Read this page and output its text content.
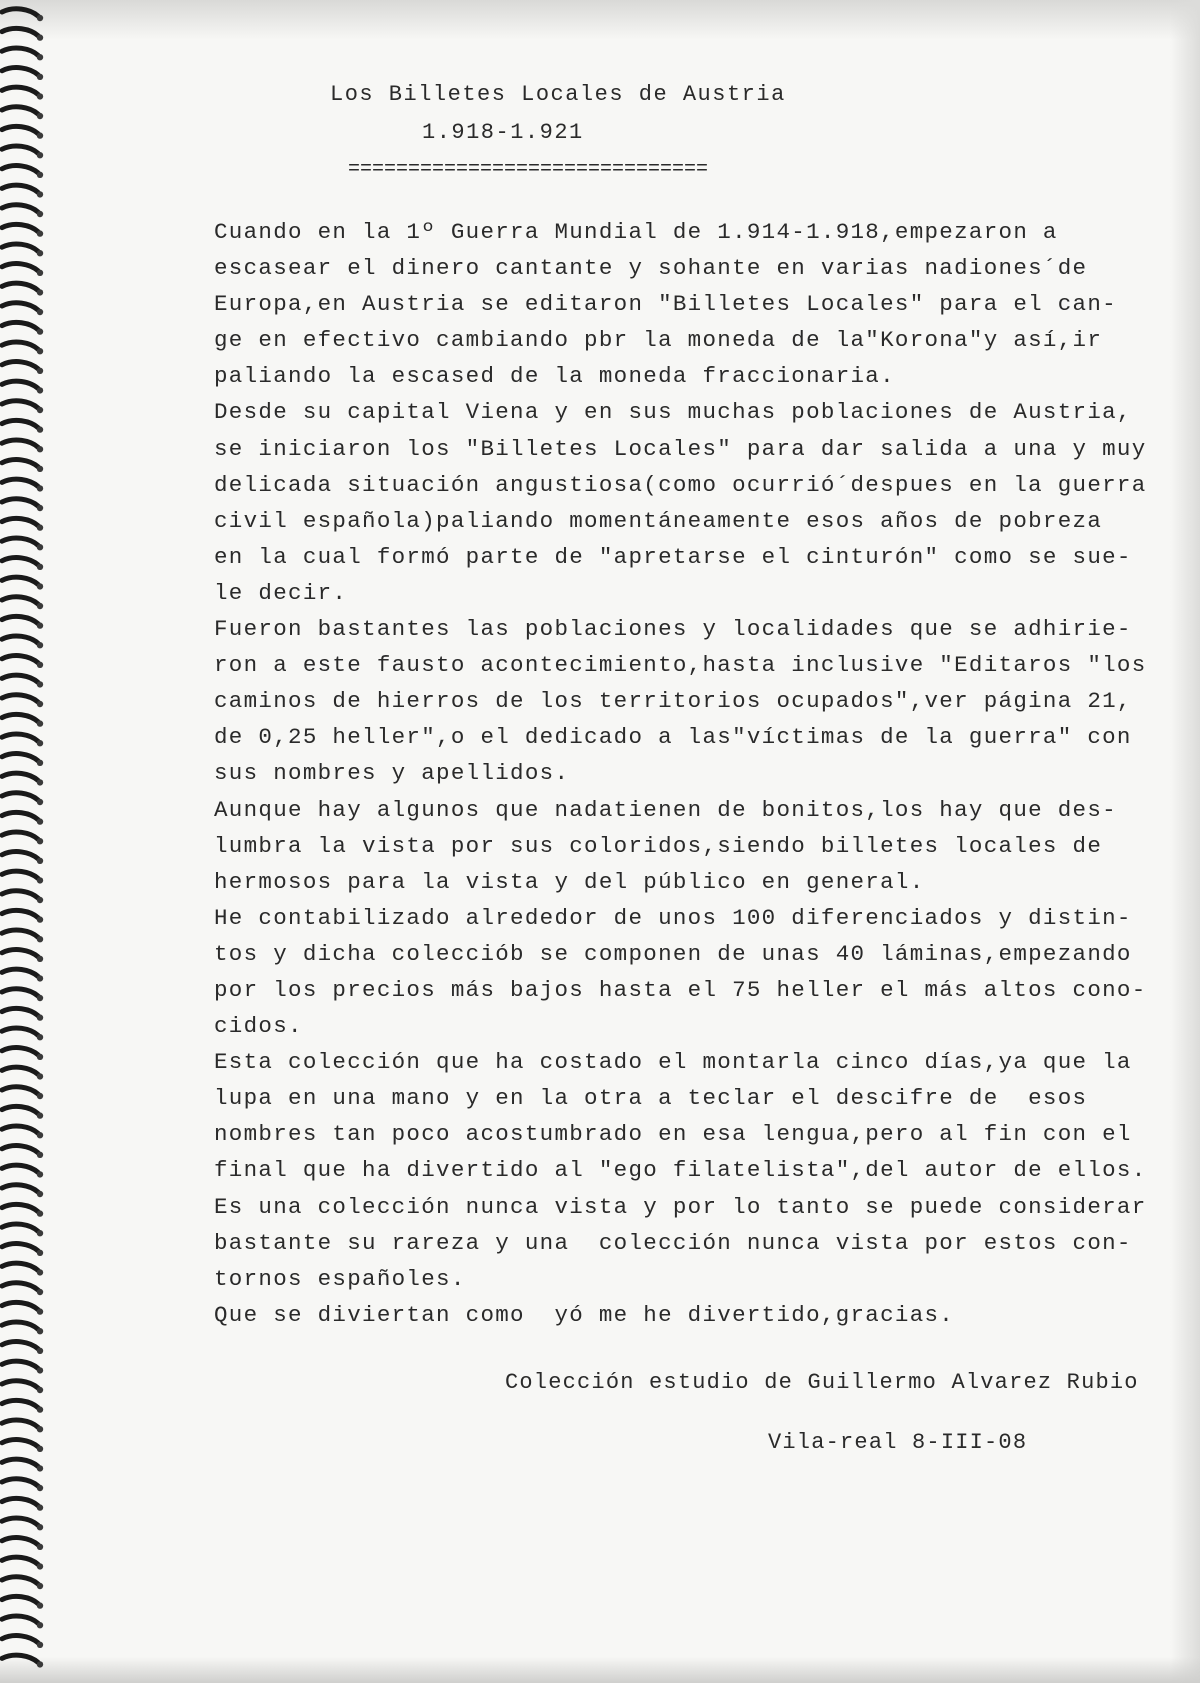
Los Billetes Locales de Austria
1.918-1.921
==============================
Cuando en la 1º Guerra Mundial de 1.914-1.918,empezaron a
escasear el dinero cantante y sohante en varias nadiones´de
Europa,en Austria se editaron "Billetes Locales" para el can-
ge en efectivo cambiando pbr la moneda de la"Korona"y así,ir
paliando la escased de la moneda fraccionaria.
Desde su capital Viena y en sus muchas poblaciones de Austria,
se iniciaron los "Billetes Locales" para dar salida a una y muy
delicada situación angustiosa(como ocurrió´despues en la guerra
civil española)paliando momentáneamente esos años de pobreza
en la cual formó parte de "apretarse el cinturón" como se sue-
le decir.
Fueron bastantes las poblaciones y localidades que se adhirie-
ron a este fausto acontecimiento,hasta inclusive "Editaros "los
caminos de hierros de los territorios ocupados",ver página 21,
de 0,25 heller",o el dedicado a las"víctimas de la guerra" con
sus nombres y apellidos.
Aunque hay algunos que nadatienen de bonitos,los hay que des-
lumbra la vista por sus coloridos,siendo billetes locales de
hermosos para la vista y del público en general.
He contabilizado alrededor de unos 100 diferenciados y distin-
tos y dicha colecciób se componen de unas 40 láminas,empezando
por los precios más bajos hasta el 75 heller el más altos cono-
cidos.
Esta colección que ha costado el montarla cinco días,ya que la
lupa en una mano y en la otra a teclar el descifre de  esos
nombres tan poco acostumbrado en esa lengua,pero al fin con el
final que ha divertido al "ego filatelista",del autor de ellos.
Es una colección nunca vista y por lo tanto se puede considerar
bastante su rareza y una  colección nunca vista por estos con-
tornos españoles.
Que se diviertan como  yó me he divertido,gracias.
Colección estudio de Guillermo Alvarez Rubio
Vila-real 8-III-08
